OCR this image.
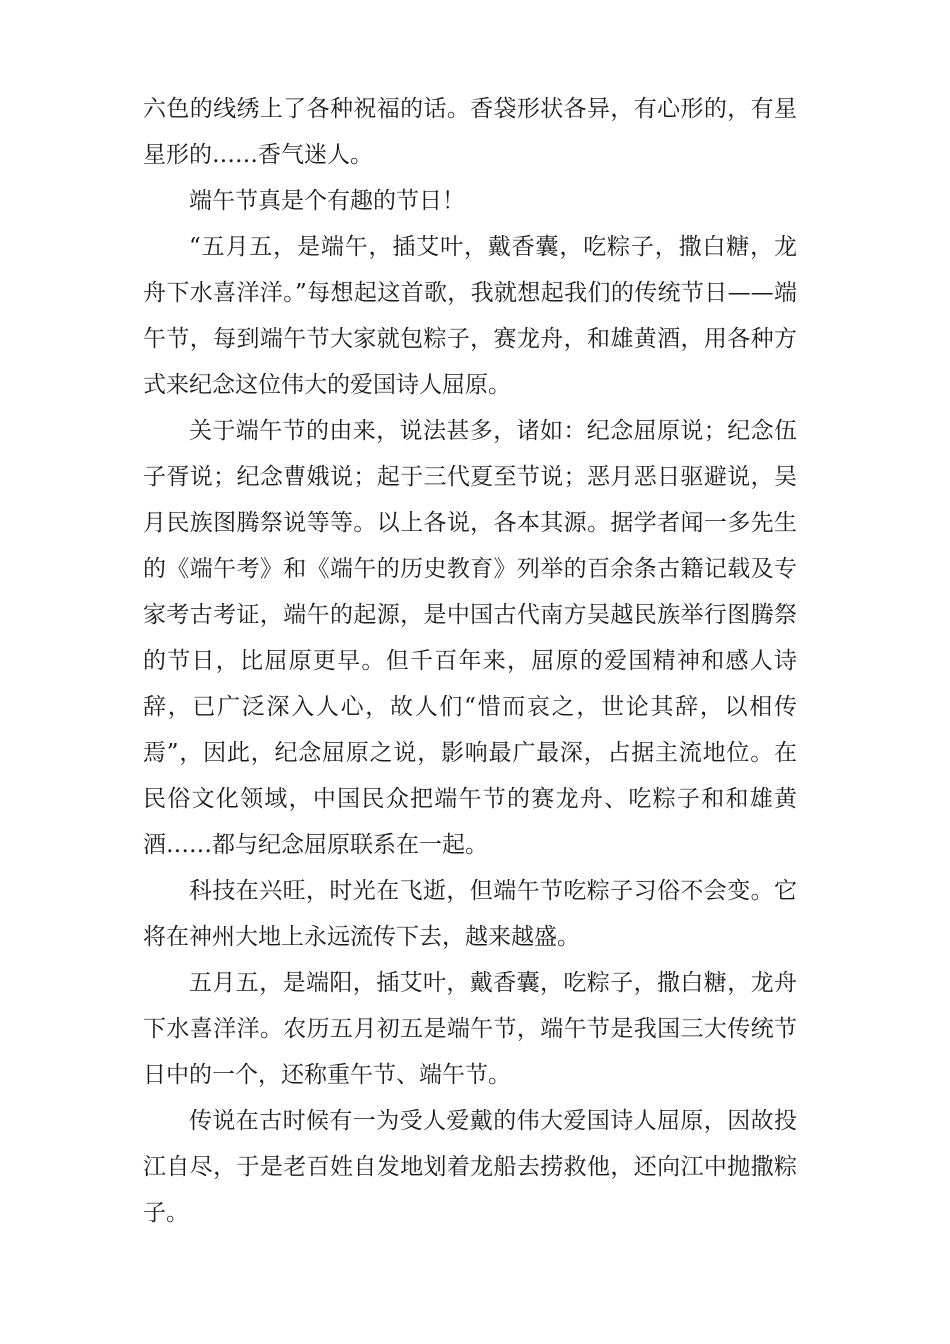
六色的线绣上了各种祝福的话。香袋形状各异，有心形的，有星星形的……香气迷人。

端午节真是个有趣的节日！

“五月五，是端午，插艾叶，戴香囊，吃粽子，撒白糖，龙舟下水喜洋洋。”每想起这首歌，我就想起我们的传统节日——端午节，每到端午节大家就包粽子，赛龙舟，和雄黄酒，用各种方式来纪念这位伟大的爱国诗人屈原。

关于端午节的由来，说法甚多，诸如：纪念屈原说；纪念伍子胥说；纪念曹娥说；起于三代夏至节说；恶月恶日驱避说，吴月民族图腾祭说等等。以上各说，各本其源。据学者闻一多先生的《端午考》和《端午的历史教育》列举的百余条古籍记载及专家考古考证，端午的起源，是中国古代南方吴越民族举行图腾祭的节日，比屈原更早。但千百年来，屈原的爱国精神和感人诗辞，已广泛深入人心，故人们“惜而哀之，世论其辞，以相传焉”，因此，纪念屈原之说，影响最广最深，占据主流地位。在民俗文化领域，中国民众把端午节的赛龙舟、吃粽子和和雄黄酒……都与纪念屈原联系在一起。

科技在兴旺，时光在飞逝，但端午节吃粽子习俗不会变。它将在神州大地上永远流传下去，越来越盛。

五月五，是端阳，插艾叶，戴香囊，吃粽子，撒白糖，龙舟下水喜洋洋。农历五月初五是端午节，端午节是我国三大传统节日中的一个，还称重午节、端午节。

传说在古时候有一为受人爱戴的伟大爱国诗人屈原，因故投江自尽，于是老百姓自发地划着龙船去捞救他，还向江中抛撒粽子。
